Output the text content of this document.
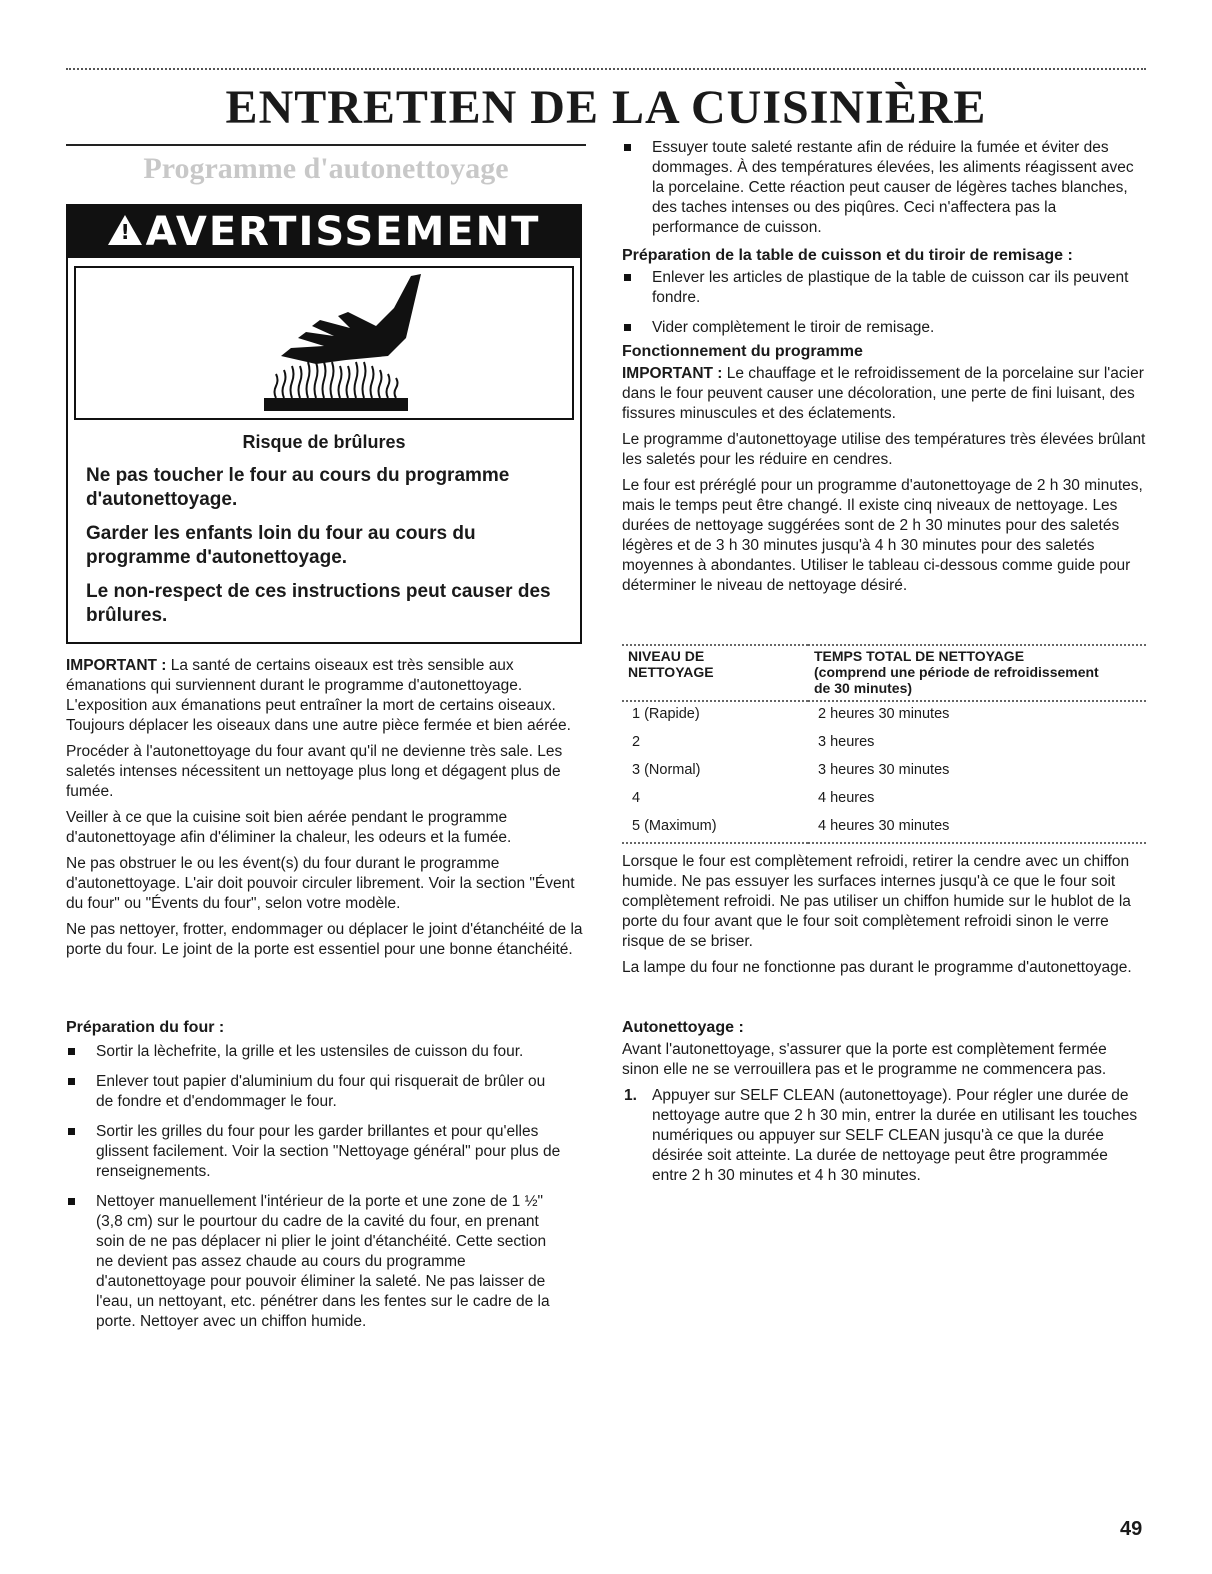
ENTRETIEN DE LA CUISINIÈRE
Programme d'autonettoyage
! AVERTISSEMENT
Risque de brûlures

Ne pas toucher le four au cours du programme d'autonettoyage.

Garder les enfants loin du four au cours du programme d'autonettoyage.

Le non-respect de ces instructions peut causer des brûlures.

IMPORTANT : La santé de certains oiseaux est très sensible aux émanations qui surviennent durant le programme d'autonettoyage. L'exposition aux émanations peut entraîner la mort de certains oiseaux. Toujours déplacer les oiseaux dans une autre pièce fermée et bien aérée.

Procéder à l'autonettoyage du four avant qu'il ne devienne très sale. Les saletés intenses nécessitent un nettoyage plus long et dégagent plus de fumée.

Veiller à ce que la cuisine soit bien aérée pendant le programme d'autonettoyage afin d'éliminer la chaleur, les odeurs et la fumée.

Ne pas obstruer le ou les évent(s) du four durant le programme d'autonettoyage. L'air doit pouvoir circuler librement. Voir la section "Évent du four" ou "Évents du four", selon votre modèle.

Ne pas nettoyer, frotter, endommager ou déplacer le joint d'étanchéité de la porte du four. Le joint de la porte est essentiel pour une bonne étanchéité.

Préparation du four :
Sortir la lèchefrite, la grille et les ustensiles de cuisson du four.
Enlever tout papier d'aluminium du four qui risquerait de brûler ou de fondre et d'endommager le four.
Sortir les grilles du four pour les garder brillantes et pour qu'elles glissent facilement. Voir la section "Nettoyage général" pour plus de renseignements.
Nettoyer manuellement l'intérieur de la porte et une zone de 1 ½" (3,8 cm) sur le pourtour du cadre de la cavité du four, en prenant soin de ne pas déplacer ni plier le joint d'étanchéité. Cette section ne devient pas assez chaude au cours du programme d'autonettoyage pour pouvoir éliminer la saleté. Ne pas laisser de l'eau, un nettoyant, etc. pénétrer dans les fentes sur le cadre de la porte. Nettoyer avec un chiffon humide.
Essuyer toute saleté restante afin de réduire la fumée et éviter des dommages. À des températures élevées, les aliments réagissent avec la porcelaine. Cette réaction peut causer de légères taches blanches, des taches intenses ou des piqûres. Ceci n'affectera pas la performance de cuisson.
Préparation de la table de cuisson et du tiroir de remisage :
Enlever les articles de plastique de la table de cuisson car ils peuvent fondre.
Vider complètement le tiroir de remisage.
Fonctionnement du programme

IMPORTANT : Le chauffage et le refroidissement de la porcelaine sur l'acier dans le four peuvent causer une décoloration, une perte de fini luisant, des fissures minuscules et des éclatements.

Le programme d'autonettoyage utilise des températures très élevées brûlant les saletés pour les réduire en cendres.

Le four est préréglé pour un programme d'autonettoyage de 2 h 30 minutes, mais le temps peut être changé. Il existe cinq niveaux de nettoyage. Les durées de nettoyage suggérées sont de 2 h 30 minutes pour des saletés légères et de 3 h 30 minutes jusqu'à 4 h 30 minutes pour des saletés moyennes à abondantes. Utiliser le tableau ci-dessous comme guide pour déterminer le niveau de nettoyage désiré.

NIVEAU DE
NETTOYAGE	TEMPS TOTAL DE NETTOYAGE
(comprend une période de refroidissement
de 30 minutes)
1 (Rapide)	2 heures 30 minutes
2	3 heures
3 (Normal)	3 heures 30 minutes
4	4 heures
5 (Maximum)	4 heures 30 minutes

Lorsque le four est complètement refroidi, retirer la cendre avec un chiffon humide. Ne pas essuyer les surfaces internes jusqu'à ce que le four soit complètement refroidi. Ne pas utiliser un chiffon humide sur le hublot de la porte du four avant que le four soit complètement refroidi sinon le verre risque de se briser.

La lampe du four ne fonctionne pas durant le programme d'autonettoyage.

Autonettoyage :

Avant l'autonettoyage, s'assurer que la porte est complètement fermée sinon elle ne se verrouillera pas et le programme ne commencera pas.

1. Appuyer sur SELF CLEAN (autonettoyage). Pour régler une durée de nettoyage autre que 2 h 30 min, entrer la durée en utilisant les touches numériques ou appuyer sur SELF CLEAN jusqu'à ce que la durée désirée soit atteinte. La durée de nettoyage peut être programmée entre 2 h 30 minutes et 4 h 30 minutes.
49
